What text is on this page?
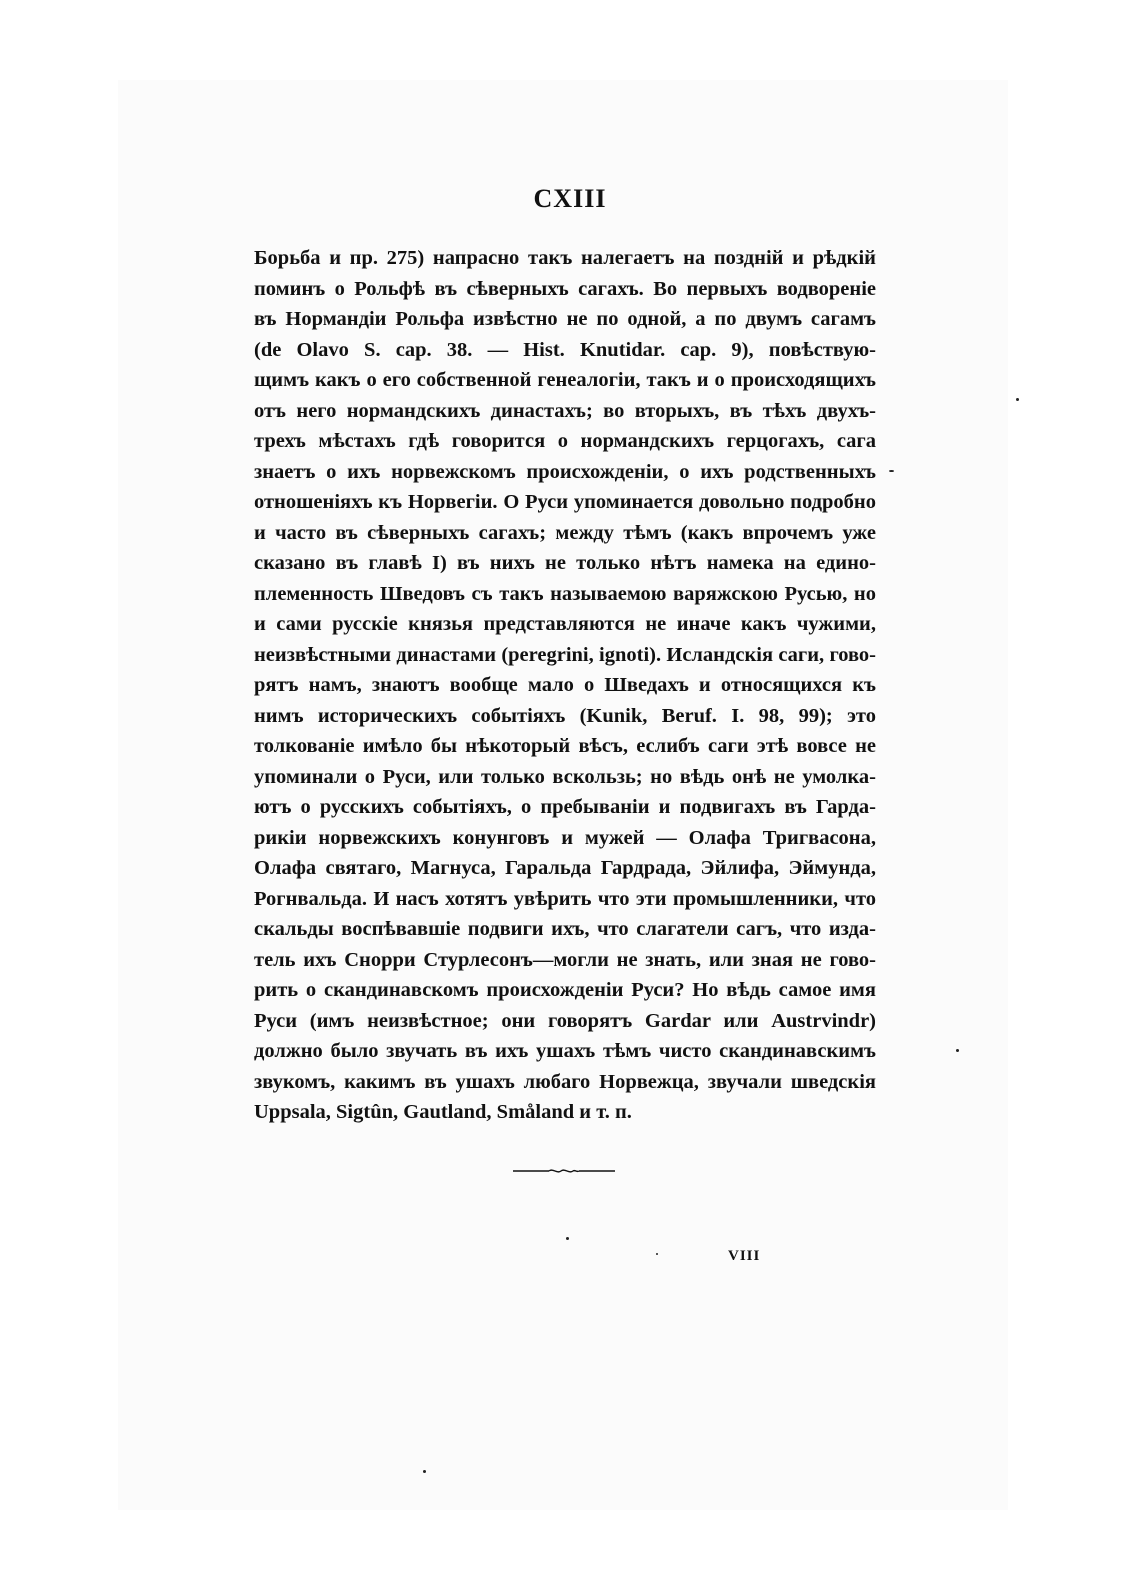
CXIII
Борьба и пр. 275) напрасно такъ налегаетъ на позднiй и рѣдкiй
поминъ о Рольфѣ въ сѣверныхъ сагахъ. Во первыхъ водворенiе
въ Нормандiи Рольфа извѣстно не по одной, а по двумъ сагамъ
(de Olavo S. cap. 38. — Hist. Knutidar. cap. 9), повѣствую-
щимъ какъ о его собственной генеалогiи, такъ и о происходящихъ
отъ него нормандскихъ династахъ; во вторыхъ, въ тѣхъ двухъ-
трехъ мѣстахъ гдѣ говорится о нормандскихъ герцогахъ, сага
знаетъ о ихъ норвежскомъ происхожденiи, о ихъ родственныхъ
отношенiяхъ къ Норвегiи. О Руси упоминается довольно подробно
и часто въ сѣверныхъ сагахъ; между тѣмъ (какъ впрочемъ уже
сказано въ главѣ I) въ нихъ не только нѣтъ намека на едино-
племенность Шведовъ съ такъ называемою варяжскою Русью, но
и сами русскiе князья представляются не иначе какъ чужими,
неизвѣстными династами (peregrini, ignoti). Исландскiя саги, гово-
рятъ намъ, знаютъ вообще мало о Шведахъ и относящихся къ
нимъ историческихъ событiяхъ (Kunik, Beruf. I. 98, 99); это
толкованiе имѣло бы нѣкоторый вѣсъ, еслибъ саги этѣ вовсе не
упоминали о Руси, или только вскользь; но вѣдь онѣ не умолка-
ютъ о русскихъ событiяхъ, о пребыванiи и подвигахъ въ Гарда-
рикiи норвежскихъ конунговъ и мужей — Олафа Тригвасона,
Олафа святаго, Магнуса, Гаральда Гардрада, Эйлифа, Эймунда,
Рогнвальда. И насъ хотятъ увѣрить что эти промышленники, что
скальды воспѣвавшiе подвиги ихъ, что слагатели сагъ, что изда-
тель ихъ Снорри Стурлесонъ—могли не знать, или зная не гово-
рить о скандинавскомъ происхожденiи Руси? Но вѣдь самое имя
Руси (имъ неизвѣстное; они говорятъ Gardar или Austrvindr)
должно было звучать въ ихъ ушахъ тѣмъ чисто скандинавскимъ
звукомъ, какимъ въ ушахъ любаго Норвежца, звучали шведскiя
Uppsala, Sigtûn, Gautland, Småland и т. п.
VIII
